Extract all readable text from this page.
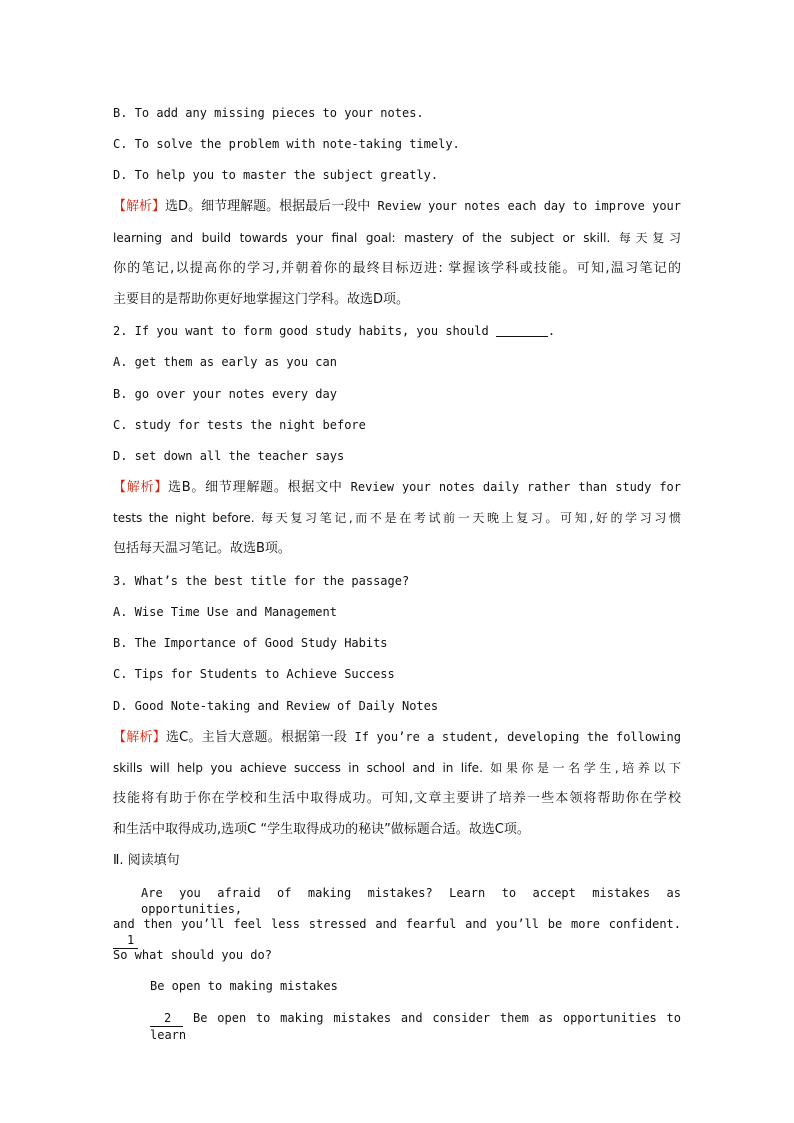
B. To add any missing pieces to your notes.
C. To solve the problem with note-taking timely.
D. To help you to master the subject greatly.
【解析】选D。细节理解题。根据最后一段中 Review your notes each day to improve your
learning and build towards your final goal: mastery of the subject or skill. 每天复习
你的笔记,以提高你的学习,并朝着你的最终目标迈进: 掌握该学科或技能。可知,温习笔记的
主要目的是帮助你更好地掌握这门学科。故选D项。
2. If you want to form good study habits, you should	.
A. get them as early as you can
B. go over your notes every day
C. study for tests the night before
D. set down all the teacher says
【解析】选B。细节理解题。根据文中 Review your notes daily rather than study for
tests the night before. 每天复习笔记,而不是在考试前一天晚上复习。可知,好的学习习惯
包括每天温习笔记。故选B项。
3. What’s the best title for the passage?
A. Wise Time Use and Management
B. The Importance of Good Study Habits
C. Tips for Students to Achieve Success
D. Good Note-taking and Review of Daily Notes
【解析】选C。主旨大意题。根据第一段 If you’re a student, developing the following
skills will help you achieve success in school and in life. 如果你是一名学生,培养以下
技能将有助于你在学校和生活中取得成功。可知,文章主要讲了培养一些本领将帮助你在学校
和生活中取得成功,选项C “学生取得成功的秘诀”做标题合适。故选C项。
Ⅱ. 阅读填句
Are you afraid of making mistakes? Learn to accept mistakes as opportunities,
and then you’ll feel less stressed and fearful and you’ll be more confident. 1
So what should you do?
Be open to making mistakes
2 Be open to making mistakes and consider them as opportunities to learn
